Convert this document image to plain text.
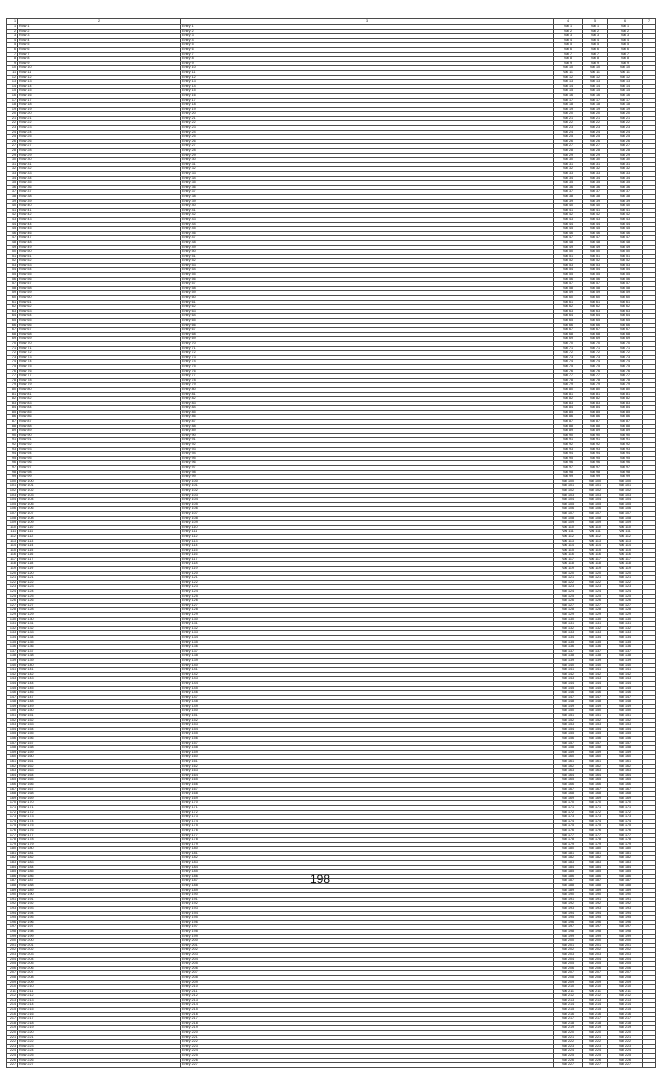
1	2	3	4	5	6	7
1	Row 1	Entry 1	Val 1	Val 1	Val 1	
2	Row 2	Entry 2	Val 2	Val 2	Val 2	
3	Row 3	Entry 3	Val 3	Val 3	Val 3	
4	Row 4	Entry 4	Val 4	Val 4	Val 4	
5	Row 5	Entry 5	Val 5	Val 5	Val 5	
6	Row 6	Entry 6	Val 6	Val 6	Val 6	
7	Row 7	Entry 7	Val 7	Val 7	Val 7	
8	Row 8	Entry 8	Val 8	Val 8	Val 8	
9	Row 9	Entry 9	Val 9	Val 9	Val 9	
10	Row 10	Entry 10	Val 10	Val 10	Val 10	
11	Row 11	Entry 11	Val 11	Val 11	Val 11	
12	Row 12	Entry 12	Val 12	Val 12	Val 12	
13	Row 13	Entry 13	Val 13	Val 13	Val 13	
14	Row 14	Entry 14	Val 14	Val 14	Val 14	
15	Row 15	Entry 15	Val 15	Val 15	Val 15	
16	Row 16	Entry 16	Val 16	Val 16	Val 16	
17	Row 17	Entry 17	Val 17	Val 17	Val 17	
18	Row 18	Entry 18	Val 18	Val 18	Val 18	
19	Row 19	Entry 19	Val 19	Val 19	Val 19	
20	Row 20	Entry 20	Val 20	Val 20	Val 20	
21	Row 21	Entry 21	Val 21	Val 21	Val 21	
22	Row 22	Entry 22	Val 22	Val 22	Val 22	
23	Row 23	Entry 23	Val 23	Val 23	Val 23	
24	Row 24	Entry 24	Val 24	Val 24	Val 24	
25	Row 25	Entry 25	Val 25	Val 25	Val 25	
26	Row 26	Entry 26	Val 26	Val 26	Val 26	
27	Row 27	Entry 27	Val 27	Val 27	Val 27	
28	Row 28	Entry 28	Val 28	Val 28	Val 28	
29	Row 29	Entry 29	Val 29	Val 29	Val 29	
30	Row 30	Entry 30	Val 30	Val 30	Val 30	
31	Row 31	Entry 31	Val 31	Val 31	Val 31	
32	Row 32	Entry 32	Val 32	Val 32	Val 32	
33	Row 33	Entry 33	Val 33	Val 33	Val 33	
34	Row 34	Entry 34	Val 34	Val 34	Val 34	
35	Row 35	Entry 35	Val 35	Val 35	Val 35	
36	Row 36	Entry 36	Val 36	Val 36	Val 36	
37	Row 37	Entry 37	Val 37	Val 37	Val 37	
38	Row 38	Entry 38	Val 38	Val 38	Val 38	
39	Row 39	Entry 39	Val 39	Val 39	Val 39	
40	Row 40	Entry 40	Val 40	Val 40	Val 40	
41	Row 41	Entry 41	Val 41	Val 41	Val 41	
42	Row 42	Entry 42	Val 42	Val 42	Val 42	
43	Row 43	Entry 43	Val 43	Val 43	Val 43	
44	Row 44	Entry 44	Val 44	Val 44	Val 44	
45	Row 45	Entry 45	Val 45	Val 45	Val 45	
46	Row 46	Entry 46	Val 46	Val 46	Val 46	
47	Row 47	Entry 47	Val 47	Val 47	Val 47	
48	Row 48	Entry 48	Val 48	Val 48	Val 48	
49	Row 49	Entry 49	Val 49	Val 49	Val 49	
50	Row 50	Entry 50	Val 50	Val 50	Val 50	
51	Row 51	Entry 51	Val 51	Val 51	Val 51	
52	Row 52	Entry 52	Val 52	Val 52	Val 52	
53	Row 53	Entry 53	Val 53	Val 53	Val 53	
54	Row 54	Entry 54	Val 54	Val 54	Val 54	
55	Row 55	Entry 55	Val 55	Val 55	Val 55	
56	Row 56	Entry 56	Val 56	Val 56	Val 56	
57	Row 57	Entry 57	Val 57	Val 57	Val 57	
58	Row 58	Entry 58	Val 58	Val 58	Val 58	
59	Row 59	Entry 59	Val 59	Val 59	Val 59	
60	Row 60	Entry 60	Val 60	Val 60	Val 60	
61	Row 61	Entry 61	Val 61	Val 61	Val 61	
62	Row 62	Entry 62	Val 62	Val 62	Val 62	
63	Row 63	Entry 63	Val 63	Val 63	Val 63	
64	Row 64	Entry 64	Val 64	Val 64	Val 64	
65	Row 65	Entry 65	Val 65	Val 65	Val 65	
66	Row 66	Entry 66	Val 66	Val 66	Val 66	
67	Row 67	Entry 67	Val 67	Val 67	Val 67	
68	Row 68	Entry 68	Val 68	Val 68	Val 68	
69	Row 69	Entry 69	Val 69	Val 69	Val 69	
70	Row 70	Entry 70	Val 70	Val 70	Val 70	
71	Row 71	Entry 71	Val 71	Val 71	Val 71	
72	Row 72	Entry 72	Val 72	Val 72	Val 72	
73	Row 73	Entry 73	Val 73	Val 73	Val 73	
74	Row 74	Entry 74	Val 74	Val 74	Val 74	
75	Row 75	Entry 75	Val 75	Val 75	Val 75	
76	Row 76	Entry 76	Val 76	Val 76	Val 76	
77	Row 77	Entry 77	Val 77	Val 77	Val 77	
78	Row 78	Entry 78	Val 78	Val 78	Val 78	
79	Row 79	Entry 79	Val 79	Val 79	Val 79	
80	Row 80	Entry 80	Val 80	Val 80	Val 80	
81	Row 81	Entry 81	Val 81	Val 81	Val 81	
82	Row 82	Entry 82	Val 82	Val 82	Val 82	
83	Row 83	Entry 83	Val 83	Val 83	Val 83	
84	Row 84	Entry 84	Val 84	Val 84	Val 84	
85	Row 85	Entry 85	Val 85	Val 85	Val 85	
86	Row 86	Entry 86	Val 86	Val 86	Val 86	
87	Row 87	Entry 87	Val 87	Val 87	Val 87	
88	Row 88	Entry 88	Val 88	Val 88	Val 88	
89	Row 89	Entry 89	Val 89	Val 89	Val 89	
90	Row 90	Entry 90	Val 90	Val 90	Val 90	
91	Row 91	Entry 91	Val 91	Val 91	Val 91	
92	Row 92	Entry 92	Val 92	Val 92	Val 92	
93	Row 93	Entry 93	Val 93	Val 93	Val 93	
94	Row 94	Entry 94	Val 94	Val 94	Val 94	
95	Row 95	Entry 95	Val 95	Val 95	Val 95	
96	Row 96	Entry 96	Val 96	Val 96	Val 96	
97	Row 97	Entry 97	Val 97	Val 97	Val 97	
98	Row 98	Entry 98	Val 98	Val 98	Val 98	
99	Row 99	Entry 99	Val 99	Val 99	Val 99	
100	Row 100	Entry 100	Val 100	Val 100	Val 100	
101	Row 101	Entry 101	Val 101	Val 101	Val 101	
102	Row 102	Entry 102	Val 102	Val 102	Val 102	
103	Row 103	Entry 103	Val 103	Val 103	Val 103	
104	Row 104	Entry 104	Val 104	Val 104	Val 104	
105	Row 105	Entry 105	Val 105	Val 105	Val 105	
106	Row 106	Entry 106	Val 106	Val 106	Val 106	
107	Row 107	Entry 107	Val 107	Val 107	Val 107	
108	Row 108	Entry 108	Val 108	Val 108	Val 108	
109	Row 109	Entry 109	Val 109	Val 109	Val 109	
110	Row 110	Entry 110	Val 110	Val 110	Val 110	
111	Row 111	Entry 111	Val 111	Val 111	Val 111	
112	Row 112	Entry 112	Val 112	Val 112	Val 112	
113	Row 113	Entry 113	Val 113	Val 113	Val 113	
114	Row 114	Entry 114	Val 114	Val 114	Val 114	
115	Row 115	Entry 115	Val 115	Val 115	Val 115	
116	Row 116	Entry 116	Val 116	Val 116	Val 116	
117	Row 117	Entry 117	Val 117	Val 117	Val 117	
118	Row 118	Entry 118	Val 118	Val 118	Val 118	
119	Row 119	Entry 119	Val 119	Val 119	Val 119	
120	Row 120	Entry 120	Val 120	Val 120	Val 120	
121	Row 121	Entry 121	Val 121	Val 121	Val 121	
122	Row 122	Entry 122	Val 122	Val 122	Val 122	
123	Row 123	Entry 123	Val 123	Val 123	Val 123	
124	Row 124	Entry 124	Val 124	Val 124	Val 124	
125	Row 125	Entry 125	Val 125	Val 125	Val 125	
126	Row 126	Entry 126	Val 126	Val 126	Val 126	
127	Row 127	Entry 127	Val 127	Val 127	Val 127	
128	Row 128	Entry 128	Val 128	Val 128	Val 128	
129	Row 129	Entry 129	Val 129	Val 129	Val 129	
130	Row 130	Entry 130	Val 130	Val 130	Val 130	
131	Row 131	Entry 131	Val 131	Val 131	Val 131	
132	Row 132	Entry 132	Val 132	Val 132	Val 132	
133	Row 133	Entry 133	Val 133	Val 133	Val 133	
134	Row 134	Entry 134	Val 134	Val 134	Val 134	
135	Row 135	Entry 135	Val 135	Val 135	Val 135	
136	Row 136	Entry 136	Val 136	Val 136	Val 136	
137	Row 137	Entry 137	Val 137	Val 137	Val 137	
138	Row 138	Entry 138	Val 138	Val 138	Val 138	
139	Row 139	Entry 139	Val 139	Val 139	Val 139	
140	Row 140	Entry 140	Val 140	Val 140	Val 140	
141	Row 141	Entry 141	Val 141	Val 141	Val 141	
142	Row 142	Entry 142	Val 142	Val 142	Val 142	
143	Row 143	Entry 143	Val 143	Val 143	Val 143	
144	Row 144	Entry 144	Val 144	Val 144	Val 144	
145	Row 145	Entry 145	Val 145	Val 145	Val 145	
146	Row 146	Entry 146	Val 146	Val 146	Val 146	
147	Row 147	Entry 147	Val 147	Val 147	Val 147	
148	Row 148	Entry 148	Val 148	Val 148	Val 148	
149	Row 149	Entry 149	Val 149	Val 149	Val 149	
150	Row 150	Entry 150	Val 150	Val 150	Val 150	
151	Row 151	Entry 151	Val 151	Val 151	Val 151	
152	Row 152	Entry 152	Val 152	Val 152	Val 152	
153	Row 153	Entry 153	Val 153	Val 153	Val 153	
154	Row 154	Entry 154	Val 154	Val 154	Val 154	
155	Row 155	Entry 155	Val 155	Val 155	Val 155	
156	Row 156	Entry 156	Val 156	Val 156	Val 156	
157	Row 157	Entry 157	Val 157	Val 157	Val 157	
158	Row 158	Entry 158	Val 158	Val 158	Val 158	
159	Row 159	Entry 159	Val 159	Val 159	Val 159	
160	Row 160	Entry 160	Val 160	Val 160	Val 160	
161	Row 161	Entry 161	Val 161	Val 161	Val 161	
162	Row 162	Entry 162	Val 162	Val 162	Val 162	
163	Row 163	Entry 163	Val 163	Val 163	Val 163	
164	Row 164	Entry 164	Val 164	Val 164	Val 164	
165	Row 165	Entry 165	Val 165	Val 165	Val 165	
166	Row 166	Entry 166	Val 166	Val 166	Val 166	
167	Row 167	Entry 167	Val 167	Val 167	Val 167	
168	Row 168	Entry 168	Val 168	Val 168	Val 168	
169	Row 169	Entry 169	Val 169	Val 169	Val 169	
170	Row 170	Entry 170	Val 170	Val 170	Val 170	
171	Row 171	Entry 171	Val 171	Val 171	Val 171	
172	Row 172	Entry 172	Val 172	Val 172	Val 172	
173	Row 173	Entry 173	Val 173	Val 173	Val 173	
174	Row 174	Entry 174	Val 174	Val 174	Val 174	
175	Row 175	Entry 175	Val 175	Val 175	Val 175	
176	Row 176	Entry 176	Val 176	Val 176	Val 176	
177	Row 177	Entry 177	Val 177	Val 177	Val 177	
178	Row 178	Entry 178	Val 178	Val 178	Val 178	
179	Row 179	Entry 179	Val 179	Val 179	Val 179	
180	Row 180	Entry 180	Val 180	Val 180	Val 180	
181	Row 181	Entry 181	Val 181	Val 181	Val 181	
182	Row 182	Entry 182	Val 182	Val 182	Val 182	
183	Row 183	Entry 183	Val 183	Val 183	Val 183	
184	Row 184	Entry 184	Val 184	Val 184	Val 184	
185	Row 185	Entry 185	Val 185	Val 185	Val 185	
186	Row 186	Entry 186	Val 186	Val 186	Val 186	
187	Row 187	Entry 187	Val 187	Val 187	Val 187	
188	Row 188	Entry 188	Val 188	Val 188	Val 188	
189	Row 189	Entry 189	Val 189	Val 189	Val 189	
190	Row 190	Entry 190	Val 190	Val 190	Val 190	
191	Row 191	Entry 191	Val 191	Val 191	Val 191	
192	Row 192	Entry 192	Val 192	Val 192	Val 192	
193	Row 193	Entry 193	Val 193	Val 193	Val 193	
194	Row 194	Entry 194	Val 194	Val 194	Val 194	
195	Row 195	Entry 195	Val 195	Val 195	Val 195	
196	Row 196	Entry 196	Val 196	Val 196	Val 196	
197	Row 197	Entry 197	Val 197	Val 197	Val 197	
198	Row 198	Entry 198	Val 198	Val 198	Val 198	
199	Row 199	Entry 199	Val 199	Val 199	Val 199	
200	Row 200	Entry 200	Val 200	Val 200	Val 200	
201	Row 201	Entry 201	Val 201	Val 201	Val 201	
202	Row 202	Entry 202	Val 202	Val 202	Val 202	
203	Row 203	Entry 203	Val 203	Val 203	Val 203	
204	Row 204	Entry 204	Val 204	Val 204	Val 204	
205	Row 205	Entry 205	Val 205	Val 205	Val 205	
206	Row 206	Entry 206	Val 206	Val 206	Val 206	
207	Row 207	Entry 207	Val 207	Val 207	Val 207	
208	Row 208	Entry 208	Val 208	Val 208	Val 208	
209	Row 209	Entry 209	Val 209	Val 209	Val 209	
210	Row 210	Entry 210	Val 210	Val 210	Val 210	
211	Row 211	Entry 211	Val 211	Val 211	Val 211	
212	Row 212	Entry 212	Val 212	Val 212	Val 212	
213	Row 213	Entry 213	Val 213	Val 213	Val 213	
214	Row 214	Entry 214	Val 214	Val 214	Val 214	
215	Row 215	Entry 215	Val 215	Val 215	Val 215	
216	Row 216	Entry 216	Val 216	Val 216	Val 216	
217	Row 217	Entry 217	Val 217	Val 217	Val 217	
218	Row 218	Entry 218	Val 218	Val 218	Val 218	
219	Row 219	Entry 219	Val 219	Val 219	Val 219	
220	Row 220	Entry 220	Val 220	Val 220	Val 220	
221	Row 221	Entry 221	Val 221	Val 221	Val 221	
222	Row 222	Entry 222	Val 222	Val 222	Val 222	
223	Row 223	Entry 223	Val 223	Val 223	Val 223	
224	Row 224	Entry 224	Val 224	Val 224	Val 224	
225	Row 225	Entry 225	Val 225	Val 225	Val 225	
226	Row 226	Entry 226	Val 226	Val 226	Val 226	
227	Row 227	Entry 227	Val 227	Val 227	Val 227	
198
